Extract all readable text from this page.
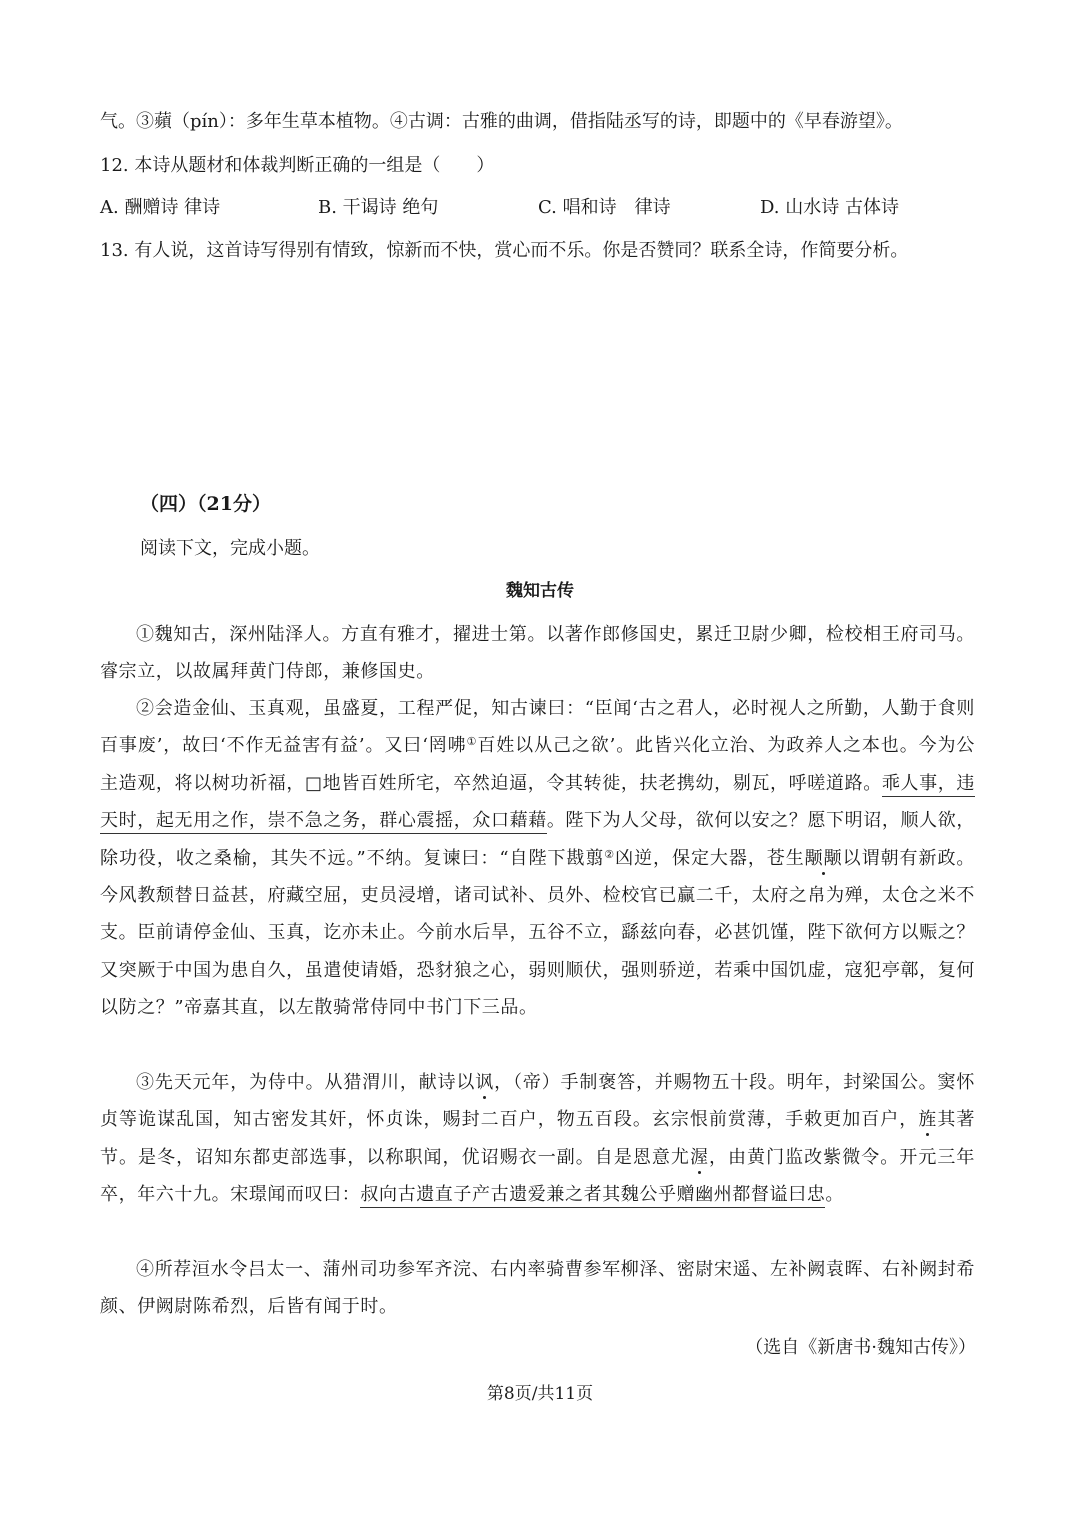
气。③蘋（pín）：多年生草本植物。④古调：古雅的曲调，借指陆丞写的诗，即题中的《早春游望》。
12. 本诗从题材和体裁判断正确的一组是（　　）
A. 酬赠诗 律诗	B. 干谒诗 绝句	C. 唱和诗　律诗	D. 山水诗 古体诗
13. 有人说，这首诗写得别有情致，惊新而不快，赏心而不乐。你是否赞同？联系全诗，作简要分析。
（四）（21分）
阅读下文，完成小题。
魏知古传
①魏知古，深州陆泽人。方直有雅才，擢进士第。以著作郎修国史，累迁卫尉少卿，检校相王府司马。睿宗立，以故属拜黄门侍郎，兼修国史。
②会造金仙、玉真观，虽盛夏，工程严促，知古谏曰：“臣闻‘古之君人，必时视人之所勤，人勤于食则百事废’，故曰‘不作无益害有益’。又曰‘罔咈①百姓以从己之欲’。此皆兴化立治、为政养人之本也。今为公主造观，将以树功祈福，□地皆百姓所宅，卒然迫逼，令其转徙，扶老携幼，剔瓦，呼嗟道路。乖人事，违天时，起无用之作，崇不急之务，群心震摇，众口藉藉。陛下为人父母，欲何以安之？愿下明诏，顺人欲，除功役，收之桑榆，其失不远。”不纳。复谏曰：“自陛下戡翦②凶逆，保定大器，苍生颙颙以谓朝有新政。今风教颓替日益甚，府藏空屈，吏员浸增，诸司试补、员外、检校官已赢二千，太府之帛为殚，太仓之米不支。臣前请停金仙、玉真，讫亦未止。今前水后旱，五谷不立，繇兹向春，必甚饥馑，陛下欲何方以赈之？又突厥于中国为患自久，虽遣使请婚，恐豺狼之心，弱则顺伏，强则骄逆，若乘中国饥虚，寇犯亭鄣，复何以防之？”帝嘉其直，以左散骑常侍同中书门下三品。
③先天元年，为侍中。从猎渭川，献诗以讽，（帝）手制褒答，并赐物五十段。明年，封梁国公。窦怀贞等诡谋乱国，知古密发其奸，怀贞诛，赐封二百户，物五百段。玄宗恨前赏薄，手敕更加百户，旌其著节。是冬，诏知东都吏部选事，以称职闻，优诏赐衣一副。自是恩意尤渥，由黄门监改紫微令。开元三年卒，年六十九。宋璟闻而叹曰：叔向古遗直子产古遗爱兼之者其魏公乎赠幽州都督谥曰忠。
④所荐洹水令吕太一、蒲州司功参军齐浣、右内率骑曹参军柳泽、密尉宋遥、左补阙袁晖、右补阙封希颜、伊阙尉陈希烈，后皆有闻于时。
（选自《新唐书·魏知古传》）
第8页/共11页
